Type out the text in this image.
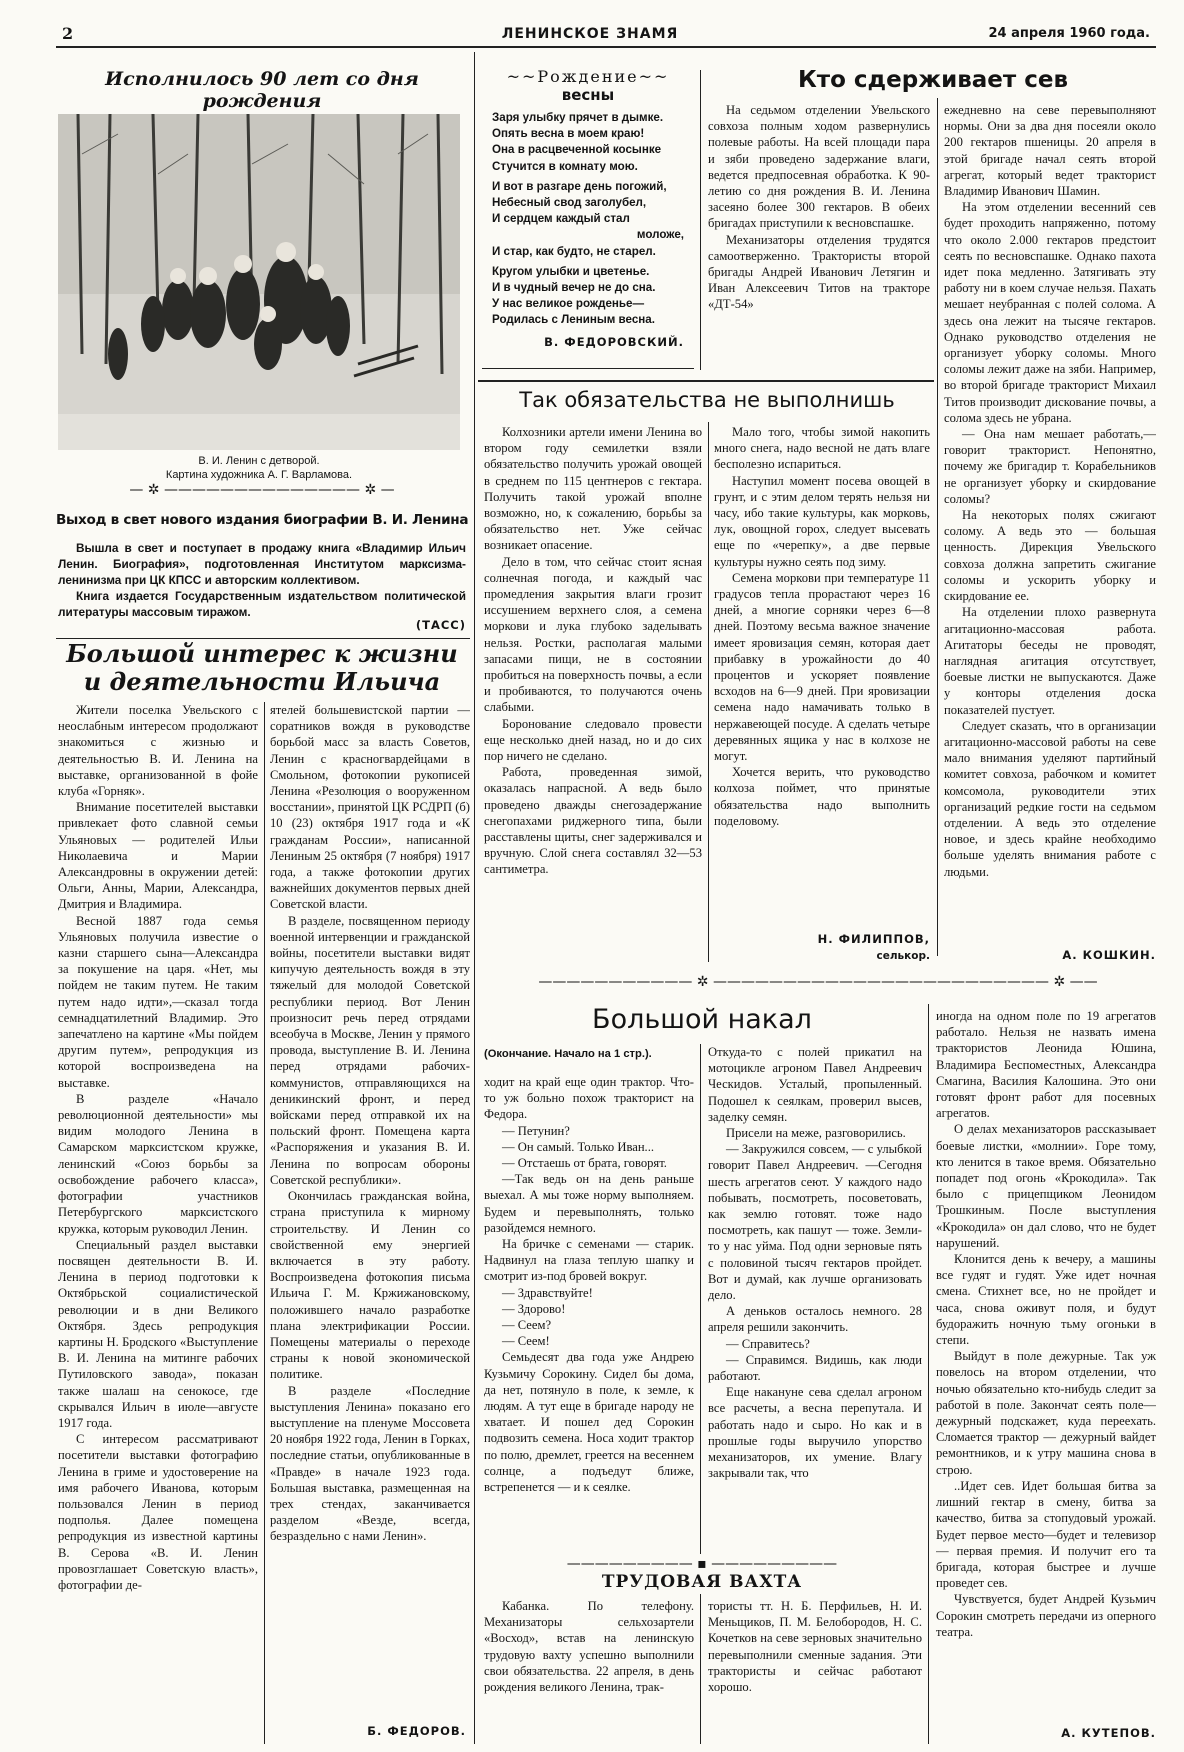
2	ЛЕНИНСКОЕ ЗНАМЯ	24 апреля 1960 года.
Исполнилось 90 лет со дня рождения
В. И. Ленин с детворой.
Картина художника А. Г. Варламова.
— ✲ —————————————— ✲ —
Выход в свет нового издания биографии В. И. Ленина

Вышла в свет и поступает в продажу книга «Владимир Ильич Ленин. Биография», подготовленная Институтом марксизма-ленинизма при ЦК КПСС и авторским коллективом.

Книга издается Государственным издательством политической литературы массовым тиражом.

(ТАСС)
Большой интерес к жизни
и деятельности Ильича

Жители поселка Увельского с неослабным интересом продолжают знакомиться с жизнью и деятельностью В. И. Ленина на выставке, организованной в фойе клуба «Горняк».

Внимание посетителей выставки привлекает фото славной семьи Ульяновых — родителей Ильи Николаевича и Марии Александровны в окружении детей: Ольги, Анны, Марии, Александра, Дмитрия и Владимира.

Весной 1887 года семья Ульяновых получила известие о казни старшего сына—Александра за покушение на царя. «Нет, мы пойдем не таким путем. Не таким путем надо идти»,—сказал тогда семнадцатилетний Владимир. Это запечатлено на картине «Мы пойдем другим путем», репродукция из которой воспроизведена на выставке.

В разделе «Начало революционной деятельности» мы видим молодого Ленина в Самарском марксистском кружке, ленинский «Союз борьбы за освобождение рабочего класса», фотографии участников Петербургского марксистского кружка, которым руководил Ленин.

Специальный раздел выставки посвящен деятельности В. И. Ленина в период подготовки к Октябрьской социалистической революции и в дни Великого Октября. Здесь репродукция картины Н. Бродского «Выступление В. И. Ленина на митинге рабочих Путиловского завода», показан также шалаш на сенокосе, где скрывался Ильич в июле—августе 1917 года.

С интересом рассматривают посетители выставки фотографию Ленина в гриме и удостоверение на имя рабочего Иванова, которым пользовался Ленин в период подполья. Далее помещена репродукция из известной картины В. Серова «В. И. Ленин провозглашает Советскую власть», фотографии де-

ятелей большевистской партии —соратников вождя в руководстве борьбой масс за власть Советов, Ленин с красногвардейцами в Смольном, фотокопии рукописей Ленина «Резолюция о вооруженном восстании», принятой ЦК РСДРП (б) 10 (23) октября 1917 года и «К гражданам России», написанной Лениным 25 октября (7 ноября) 1917 года, а также фотокопии других важнейших документов первых дней Советской власти.

В разделе, посвященном периоду военной интервенции и гражданской войны, посетители выставки видят кипучую деятельность вождя в эту тяжелый для молодой Советской республики период. Вот Ленин произносит речь перед отрядами всеобуча в Москве, Ленин у прямого провода, выступление В. И. Ленина перед отрядами рабочих-коммунистов, отправляющихся на деникинский фронт, и перед войсками перед отправкой их на польский фронт. Помещена карта «Распоряжения и указания В. И. Ленина по вопросам обороны Советской республики».

Окончилась гражданская война, страна приступила к мирному строительству. И Ленин со свойственной ему энергией включается в эту работу. Воспроизведена фотокопия письма Ильича Г. М. Кржижановскому, положившего начало разработке плана электрификации России. Помещены материалы о переходе страны к новой экономической политике.

В разделе «Последние выступления Ленина» показано его выступление на пленуме Моссовета 20 ноября 1922 года, Ленин в Горках, последние статьи, опубликованные в «Правде» в начале 1923 года. Большая выставка, размещенная на трех стендах, заканчивается разделом «Везде, всегда, безраздельно с нами Ленин».

Б. ФЕДОРОВ.
~~Рождение~~
весны
Заря улыбку прячет в дымке.
Опять весна в моем краю!
Она в расцвеченной косынке
Стучится в комнату мою.
И вот в разгаре день погожий,
Небесный свод заголубел,
И сердцем каждый стал
моложе,
И стар, как будто, не старел.
Кругом улыбки и цветенье.
И в чудный вечер не до сна.
У нас великое рожденье—
Родилась с Лениным весна.
В. ФЕДОРОВСКИЙ.
Кто сдерживает сев

На седьмом отделении Увельского совхоза полным ходом развернулись полевые работы. На всей площади пара и зяби проведено задержание влаги, ведется предпосевная обработка. К 90-летию со дня рождения В. И. Ленина засеяно более 300 гектаров. В обеих бригадах приступили к весновспашке.

Механизаторы отделения трудятся самоотверженно. Трактористы второй бригады Андрей Иванович Летягин и Иван Алексеевич Титов на тракторе «ДТ-54»

ежедневно на севе перевыполняют нормы. Они за два дня посеяли около 200 гектаров пшеницы. 20 апреля в этой бригаде начал сеять второй агрегат, который ведет тракторист Владимир Иванович Шамин.

На этом отделении весенний сев будет проходить напряженно, потому что около 2.000 гектаров предстоит сеять по весновспашке. Однако пахота идет пока медленно. Затягивать эту работу ни в коем случае нельзя. Пахать мешает неубранная с полей солома. А здесь она лежит на тысяче гектаров. Однако руководство отделения не организует уборку соломы. Много соломы лежит даже на зяби. Например, во второй бригаде тракторист Михаил Титов производит дискование почвы, а солома здесь не убрана.

— Она нам мешает работать,—говорит тракторист. Непонятно, почему же бригадир т. Корабельников не организует уборку и скирдование соломы?

На некоторых полях сжигают солому. А ведь это — большая ценность. Дирекция Увельского совхоза должна запретить сжигание соломы и ускорить уборку и скирдование ее.

На отделении плохо развернута агитационно-массовая работа. Агитаторы беседы не проводят, наглядная агитация отсутствует, боевые листки не выпускаются. Даже у конторы отделения доска показателей пустует.

Следует сказать, что в организации агитационно-массовой работы на севе мало внимания уделяют партийный комитет совхоза, рабочком и комитет комсомола, руководители этих организаций редкие гости на седьмом отделении. А ведь это отделение новое, и здесь крайне необходимо больше уделять внимания работе с людьми.

А. КОШКИН.
Так обязательства не выполнишь

Колхозники артели имени Ленина во втором году семилетки взяли обязательство получить урожай овощей в среднем по 115 центнеров с гектара. Получить такой урожай вполне возможно, но, к сожалению, борьбы за обязательство нет. Уже сейчас возникает опасение.

Дело в том, что сейчас стоит ясная солнечная погода, и каждый час промедления закрытия влаги грозит иссушением верхнего слоя, а семена моркови и лука глубоко заделывать нельзя. Ростки, располагая малыми запасами пищи, не в состоянии пробиться на поверхность почвы, а если и пробиваются, то получаются очень слабыми.

Боронование следовало провести еще несколько дней назад, но и до сих пор ничего не сделано.

Работа, проведенная зимой, оказалась напрасной. А ведь было проведено дважды снегозадержание снегопахами риджерного типа, были расставлены щиты, снег задерживался и вручную. Слой снега составлял 32—53 сантиметра.

Мало того, чтобы зимой накопить много снега, надо весной не дать влаге бесполезно испариться.

Наступил момент посева овощей в грунт, и с этим делом терять нельзя ни часу, ибо такие культуры, как морковь, лук, овощной горох, следует высевать еще по «черепку», а две первые культуры нужно сеять под зиму.

Семена моркови при температуре 11 градусов тепла прорастают через 16 дней, а многие сорняки через 6—8 дней. Поэтому весьма важное значение имеет яровизация семян, которая дает прибавку в урожайности до 40 процентов и ускоряет появление всходов на 6—9 дней. При яровизации семена надо намачивать только в нержавеющей посуде. А сделать четыре деревянных ящика у нас в колхозе не могут.

Хочется верить, что руководство колхоза поймет, что принятые обязательства надо выполнить поделовому.

Н. ФИЛИППОВ,
селькор.
——————————— ✲ ———————————————————————— ✲ ——
Большой накал
(Окончание. Начало на 1 стр.).

ходит на край еще один трактор. Что-то уж больно похож тракторист на Федора.

— Петунин?

— Он самый. Только Иван...

— Отстаешь от брата, говорят.

—Так ведь он на день раньше выехал. А мы тоже норму выполняем. Будем и перевыполнять, только разойдемся немного.

На бричке с семенами — старик. Надвинул на глаза теплую шапку и смотрит из-под бровей вокруг.

— Здравствуйте!

— Здорово!

— Сеем?

— Сеем!

Семьдесят два года уже Андрею Кузьмичу Сорокину. Сидел бы дома, да нет, потянуло в поле, к земле, к людям. А тут еще в бригаде народу не хватает. И пошел дед Сорокин подвозить семена. Носа ходит трактор по полю, дремлет, греется на весеннем солнце, а подъедут ближе, встрепенется — и к сеялке.

Откуда-то с полей прикатил на мотоцикле агроном Павел Андреевич Ческидов. Усталый, пропыленный. Подошел к сеялкам, проверил высев, заделку семян.

Присели на меже, разговорились.

— Закружился совсем, — с улыбкой говорит Павел Андреевич. —Сегодня шесть агрегатов сеют. У каждого надо побывать, посмотреть, посоветовать, как землю готовят. тоже надо посмотреть, как пашут — тоже. Земли-то у нас уйма. Под одни зерновые пять с половиной тысяч гектаров пройдет. Вот и думай, как лучше организовать дело.

А деньков осталось немного. 28 апреля решили закончить.

— Справитесь?

— Справимся. Видишь, как люди работают.

Еще накануне сева сделал агроном все расчеты, а весна перепутала. И работать надо и сыро. Но как и в прошлые годы выручило упорство механизаторов, их умение. Влагу закрывали так, что

иногда на одном поле по 19 агрегатов работало. Нельзя не назвать имена трактористов Леонида Юшина, Владимира Беспоместных, Александра Смагина, Василия Калошина. Это они готовят фронт работ для посевных агрегатов.

О делах механизаторов рассказывает боевые листки, «молнии». Горе тому, кто ленится в такое время. Обязательно попадет под огонь «Крокодила». Так было с прицепщиком Леонидом Трошкиным. После выступления «Крокодила» он дал слово, что не будет нарушений.

Клонится день к вечеру, а машины все гудят и гудят. Уже идет ночная смена. Стихнет все, но не пройдет и часа, снова оживут поля, и будут будоражить ночную тьму огоньки в степи.

Выйдут в поле дежурные. Так уж повелось на втором отделении, что ночью обязательно кто-нибудь следит за работой в поле. Закончат сеять поле—дежурный подскажет, куда переехать. Сломается трактор — дежурный вайдет ремонтников, и к утру машина снова в строю.

..Идет сев. Идет большая битва за лишний гектар в смену, битва за качество, битва за стопудовый урожай. Будет первое место—будет и телевизор — первая премия. И получит его та бригада, которая быстрее и лучше проведет сев.

Чувствуется, будет Андрей Кузьмич Сорокин смотреть передачи из оперного театра.

А. КУТЕПОВ.
————————— ▪ —————————
ТРУДОВАЯ ВАХТА

Кабанка. По телефону. Механизаторы сельхозартели «Восход», встав на ленинскую трудовую вахту успешно выполнили свои обязательства. 22 апреля, в день рождения великого Ленина, трак-

тористы тт. Н. Б. Перфильев, Н. И. Меньщиков, П. М. Белобородов, Н. С. Кочетков на севе зерновых значительно перевыполнили сменные задания. Эти трактористы и сейчас работают хорошо.
